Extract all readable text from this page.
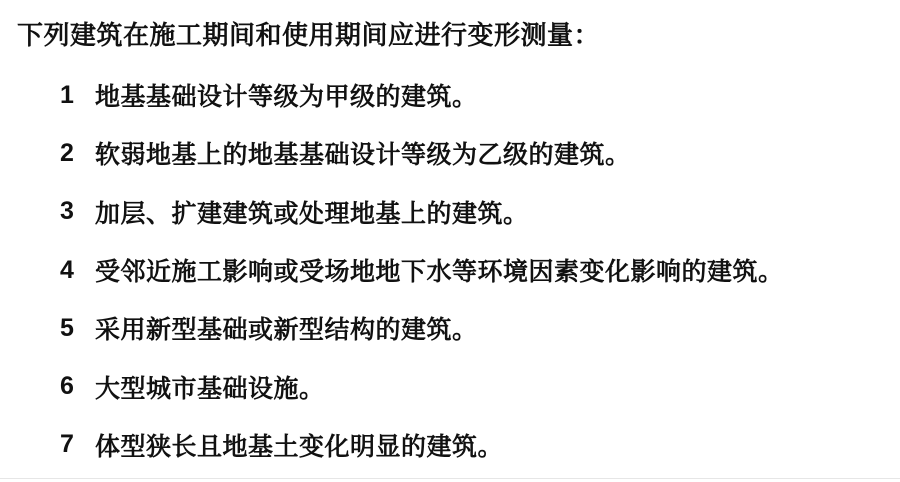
下列建筑在施工期间和使用期间应进行变形测量：
1 地基基础设计等级为甲级的建筑。
2 软弱地基上的地基基础设计等级为乙级的建筑。
3 加层、扩建建筑或处理地基上的建筑。
4 受邻近施工影响或受场地地下水等环境因素变化影响的建筑。
5 采用新型基础或新型结构的建筑。
6 大型城市基础设施。
7 体型狭长且地基土变化明显的建筑。
